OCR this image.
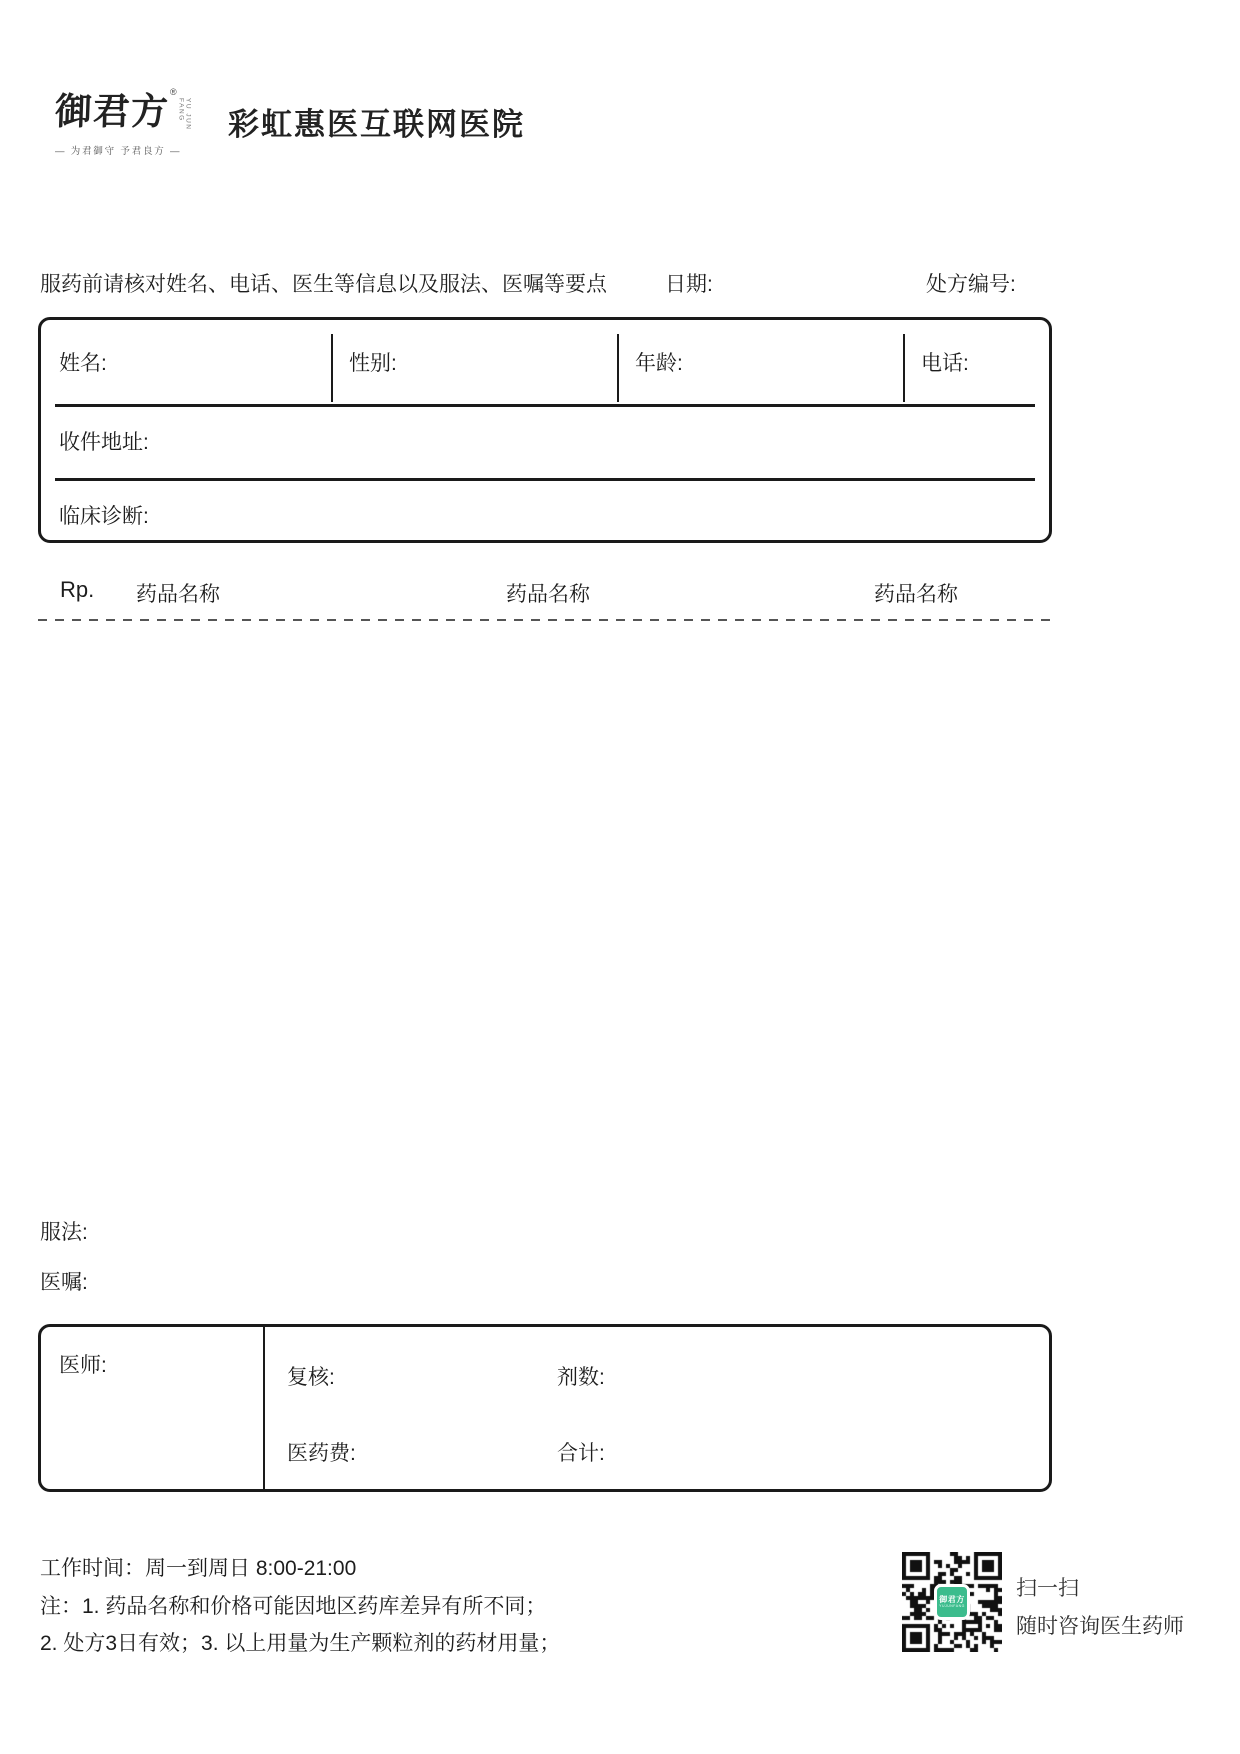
御君方 ®
YU JUN FANG
— 为君御守 予君良方 —
彩虹惠医互联网医院
服药前请核对姓名、电话、医生等信息以及服法、医嘱等要点	日期:	处方编号:
姓名:	性别:	年龄:	电话:
收件地址:
临床诊断:
Rp. 药品名称	药品名称	药品名称
服法:
医嘱:
医师:
复核:	剂数:
医药费:	合计:
工作时间：周一到周日 8:00-21:00
注：1. 药品名称和价格可能因地区药库差异有所不同；
2. 处方3日有效；3. 以上用量为生产颗粒剂的药材用量；
御君方
YUJUNFANG
扫一扫
随时咨询医生药师
